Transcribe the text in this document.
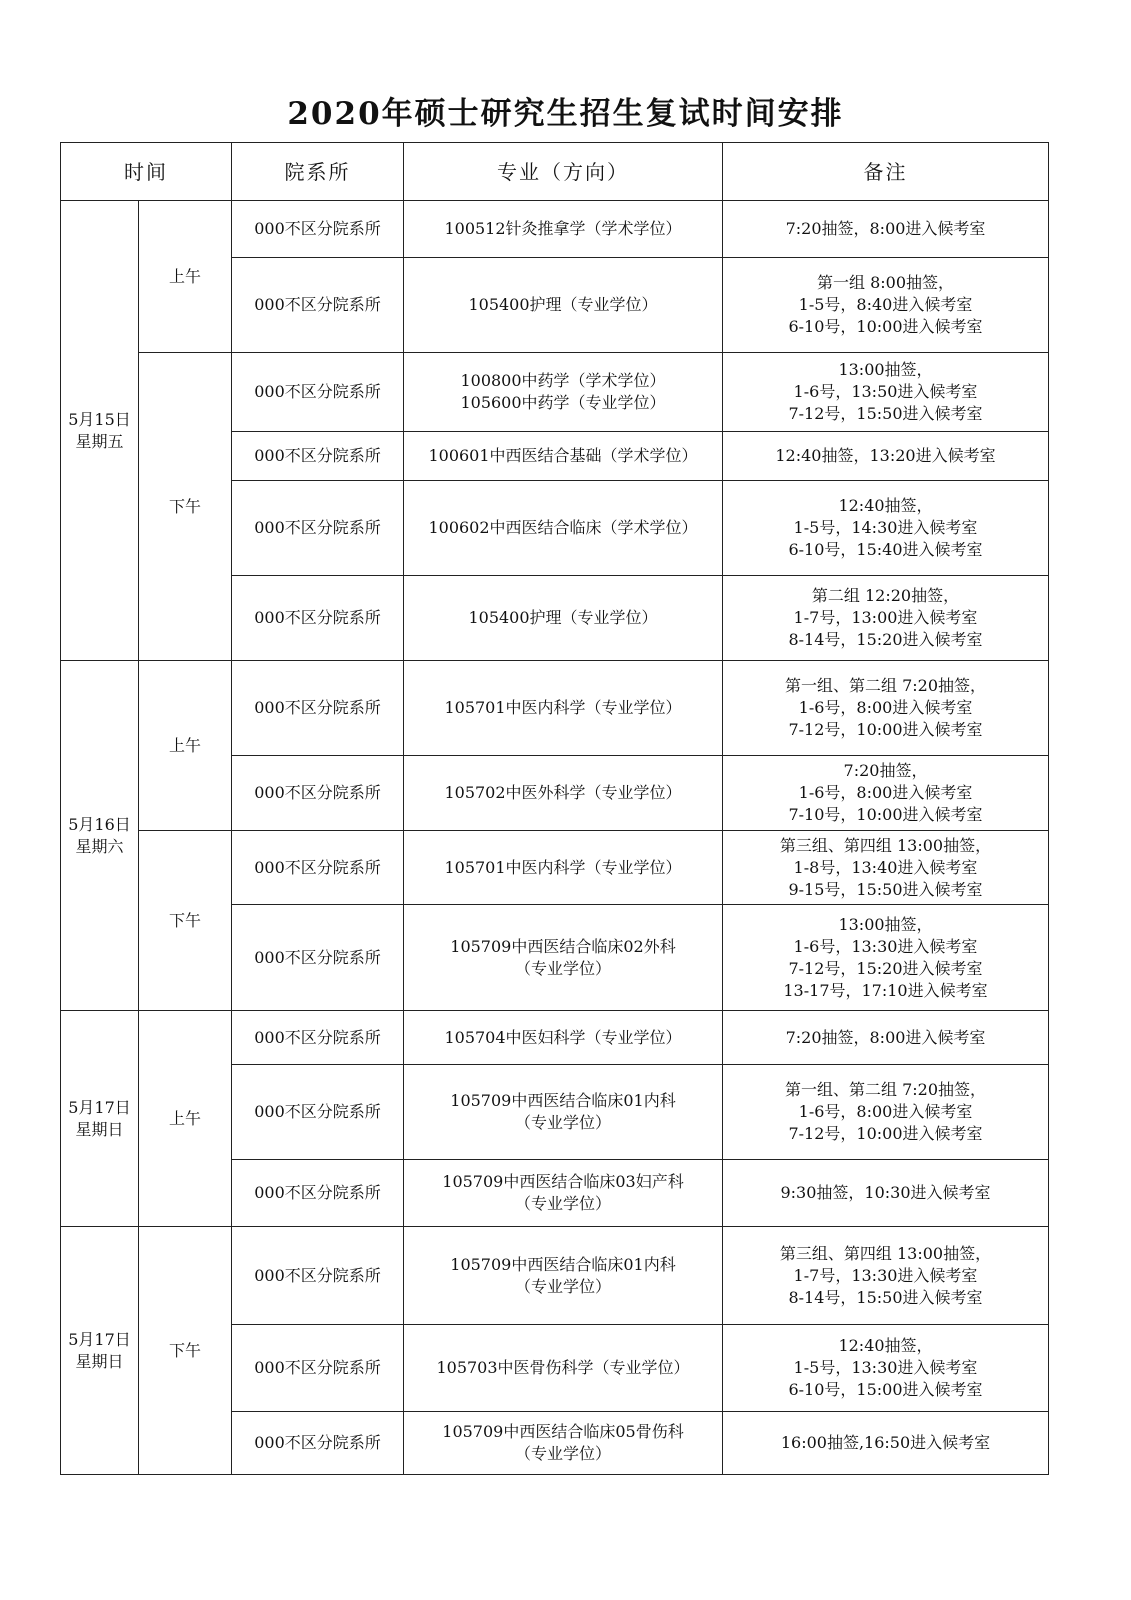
2020年硕士研究生招生复试时间安排
时间		院系所	专业（方向）	备注
5月15日
星期五	上午	000不区分院系所	100512针灸推拿学（学术学位）	7:20抽签，8:00进入候考室
		000不区分院系所	105400护理（专业学位）	第一组 8:00抽签，
1-5号，8:40进入候考室
6-10号，10:00进入候考室
	下午	000不区分院系所	100800中药学（学术学位）
105600中药学（专业学位）	13:00抽签，
1-6号，13:50进入候考室
7-12号，15:50进入候考室
		000不区分院系所	100601中西医结合基础（学术学位）	12:40抽签，13:20进入候考室
		000不区分院系所	100602中西医结合临床（学术学位）	12:40抽签，
1-5号，14:30进入候考室
6-10号，15:40进入候考室
		000不区分院系所	105400护理（专业学位）	第二组 12:20抽签，
1-7号，13:00进入候考室
8-14号，15:20进入候考室
5月16日
星期六	上午	000不区分院系所	105701中医内科学（专业学位）	第一组、第二组 7:20抽签，
1-6号，8:00进入候考室
7-12号，10:00进入候考室
		000不区分院系所	105702中医外科学（专业学位）	7:20抽签，
1-6号，8:00进入候考室
7-10号，10:00进入候考室
	下午	000不区分院系所	105701中医内科学（专业学位）	第三组、第四组 13:00抽签，
1-8号，13:40进入候考室
9-15号，15:50进入候考室
		000不区分院系所	105709中西医结合临床02外科
（专业学位）	13:00抽签，
1-6号，13:30进入候考室
7-12号，15:20进入候考室
13-17号，17:10进入候考室
5月17日
星期日	上午	000不区分院系所	105704中医妇科学（专业学位）	7:20抽签，8:00进入候考室
		000不区分院系所	105709中西医结合临床01内科
（专业学位）	第一组、第二组 7:20抽签，
1-6号，8:00进入候考室
7-12号，10:00进入候考室
		000不区分院系所	105709中西医结合临床03妇产科
（专业学位）	9:30抽签，10:30进入候考室
5月17日
星期日	下午	000不区分院系所	105709中西医结合临床01内科
（专业学位）	第三组、第四组 13:00抽签，
1-7号，13:30进入候考室
8-14号，15:50进入候考室
		000不区分院系所	105703中医骨伤科学（专业学位）	12:40抽签，
1-5号，13:30进入候考室
6-10号，15:00进入候考室
		000不区分院系所	105709中西医结合临床05骨伤科
（专业学位）	16:00抽签,16:50进入候考室
